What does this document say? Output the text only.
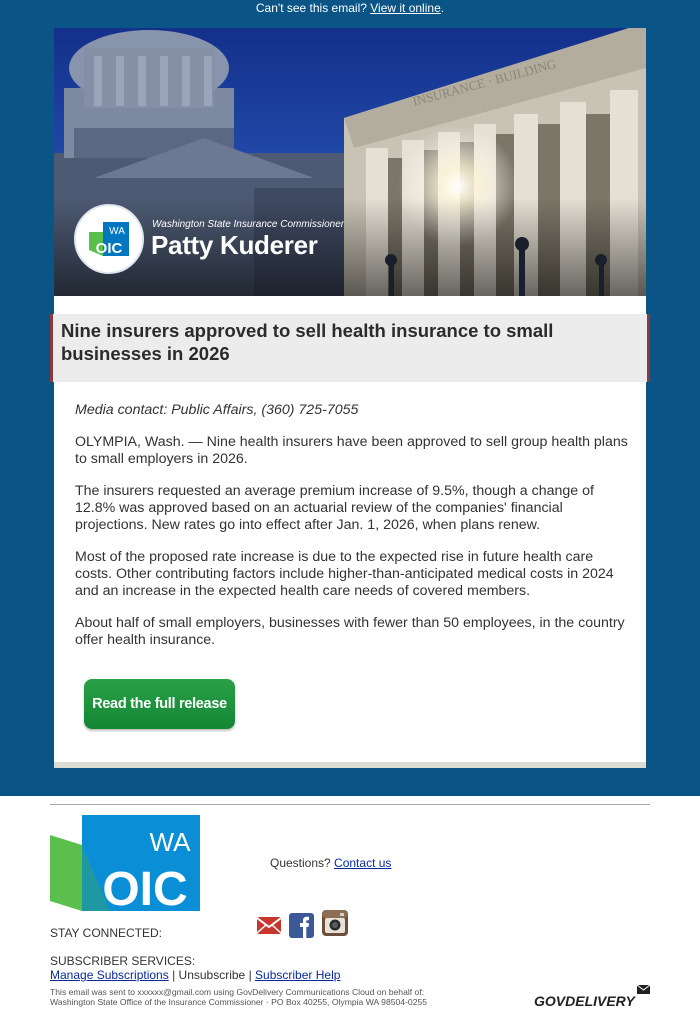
Can't see this email? View it online.
INSURANCE · BUILDING
WA
OIC
Washington State Insurance Commissioner
Patty Kuderer
Nine insurers approved to sell health insurance to small businesses in 2026

Media contact: Public Affairs, (360) 725-7055

OLYMPIA, Wash. — Nine health insurers have been approved to sell group health plans to small employers in 2026.

The insurers requested an average premium increase of 9.5%, though a change of 12.8% was approved based on an actuarial review of the companies' financial projections. New rates go into effect after Jan. 1, 2026, when plans renew.

Most of the proposed rate increase is due to the expected rise in future health care costs. Other contributing factors include higher-than-anticipated medical costs in 2024 and an increase in the expected health care needs of covered members.

About half of small employers, businesses with fewer than 50 employees, in the country offer health insurance.

Read the full release
WA
OIC	Questions? Contact us
STAY CONNECTED:
SUBSCRIBER SERVICES:
Manage Subscriptions | Unsubscribe | Subscriber Help
This email was sent to xxxxxx@gmail.com using GovDelivery Communications Cloud on behalf of:
Washington State Office of the Insurance Commissioner · PO Box 40255, Olympia WA 98504-0255	GOVDELIVERY
